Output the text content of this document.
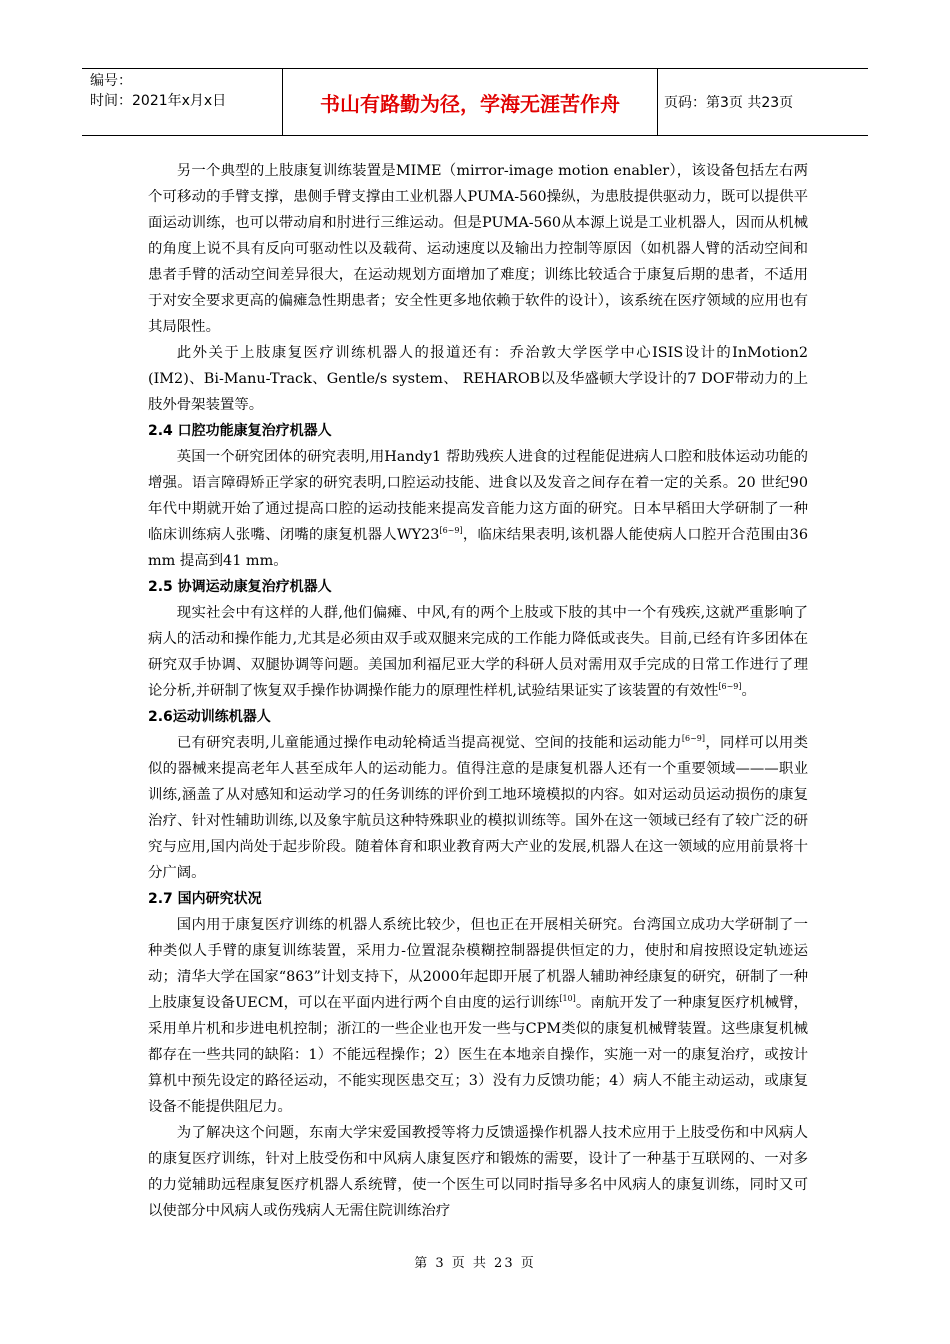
编号：
时间：2021年x月x日	书山有路勤为径，学海无涯苦作舟	页码：第3页 共23页

另一个典型的上肢康复训练装置是MIME（mirror-image motion enabler），该设备包括左右两个可移动的手臂支撑，患侧手臂支撑由工业机器人PUMA-560操纵，为患肢提供驱动力，既可以提供平面运动训练，也可以带动肩和肘进行三维运动。但是PUMA-560从本源上说是工业机器人，因而从机械的角度上说不具有反向可驱动性以及载荷、运动速度以及输出力控制等原因（如机器人臂的活动空间和患者手臂的活动空间差异很大，在运动规划方面增加了难度；训练比较适合于康复后期的患者，不适用于对安全要求更高的偏瘫急性期患者；安全性更多地依赖于软件的设计），该系统在医疗领域的应用也有其局限性。

此外关于上肢康复医疗训练机器人的报道还有：乔治敦大学医学中心ISIS设计的InMotion2 (IM2)、Bi-Manu-Track、Gentle/s system、 REHAROB以及华盛顿大学设计的7 DOF带动力的上肢外骨架装置等。

2.4 口腔功能康复治疗机器人

英国一个研究团体的研究表明,用Handy1 帮助残疾人进食的过程能促进病人口腔和肢体运动功能的增强。语言障碍矫正学家的研究表明,口腔运动技能、进食以及发音之间存在着一定的关系。20 世纪90 年代中期就开始了通过提高口腔的运动技能来提高发音能力这方面的研究。日本早稻田大学研制了一种临床训练病人张嘴、闭嘴的康复机器人WY23[6~9]，临床结果表明,该机器人能使病人口腔开合范围由36 mm 提高到41 mm。

2.5 协调运动康复治疗机器人

现实社会中有这样的人群,他们偏瘫、中风,有的两个上肢或下肢的其中一个有残疾,这就严重影响了病人的活动和操作能力,尤其是必须由双手或双腿来完成的工作能力降低或丧失。目前,已经有许多团体在研究双手协调、双腿协调等问题。美国加利福尼亚大学的科研人员对需用双手完成的日常工作进行了理论分析,并研制了恢复双手操作协调操作能力的原理性样机,试验结果证实了该装置的有效性[6~9]。

2.6运动训练机器人

已有研究表明,儿童能通过操作电动轮椅适当提高视觉、空间的技能和运动能力[6~9]，同样可以用类似的器械来提高老年人甚至成年人的运动能力。值得注意的是康复机器人还有一个重要领域———职业训练,涵盖了从对感知和运动学习的任务训练的评价到工地环境模拟的内容。如对运动员运动损伤的康复治疗、针对性辅助训练,以及象宇航员这种特殊职业的模拟训练等。国外在这一领域已经有了较广泛的研究与应用,国内尚处于起步阶段。随着体育和职业教育两大产业的发展,机器人在这一领域的应用前景将十分广阔。

2.7 国内研究状况

国内用于康复医疗训练的机器人系统比较少，但也正在开展相关研究。台湾国立成功大学研制了一种类似人手臂的康复训练装置，采用力-位置混杂模糊控制器提供恒定的力，使肘和肩按照设定轨迹运动；清华大学在国家“863”计划支持下，从2000年起即开展了机器人辅助神经康复的研究，研制了一种上肢康复设备UECM，可以在平面内进行两个自由度的运行训练[10]。南航开发了一种康复医疗机械臂，采用单片机和步进电机控制；浙江的一些企业也开发一些与CPM类似的康复机械臂装置。这些康复机械都存在一些共同的缺陷：1）不能远程操作；2）医生在本地亲自操作，实施一对一的康复治疗，或按计算机中预先设定的路径运动，不能实现医患交互；3）没有力反馈功能；4）病人不能主动运动，或康复设备不能提供阻尼力。

为了解决这个问题，东南大学宋爱国教授等将力反馈遥操作机器人技术应用于上肢受伤和中风病人的康复医疗训练，针对上肢受伤和中风病人康复医疗和锻炼的需要，设计了一种基于互联网的、一对多的力觉辅助远程康复医疗机器人系统臂，使一个医生可以同时指导多名中风病人的康复训练，同时又可以使部分中风病人或伤残病人无需住院训练治疗

第 3 页 共 23 页
